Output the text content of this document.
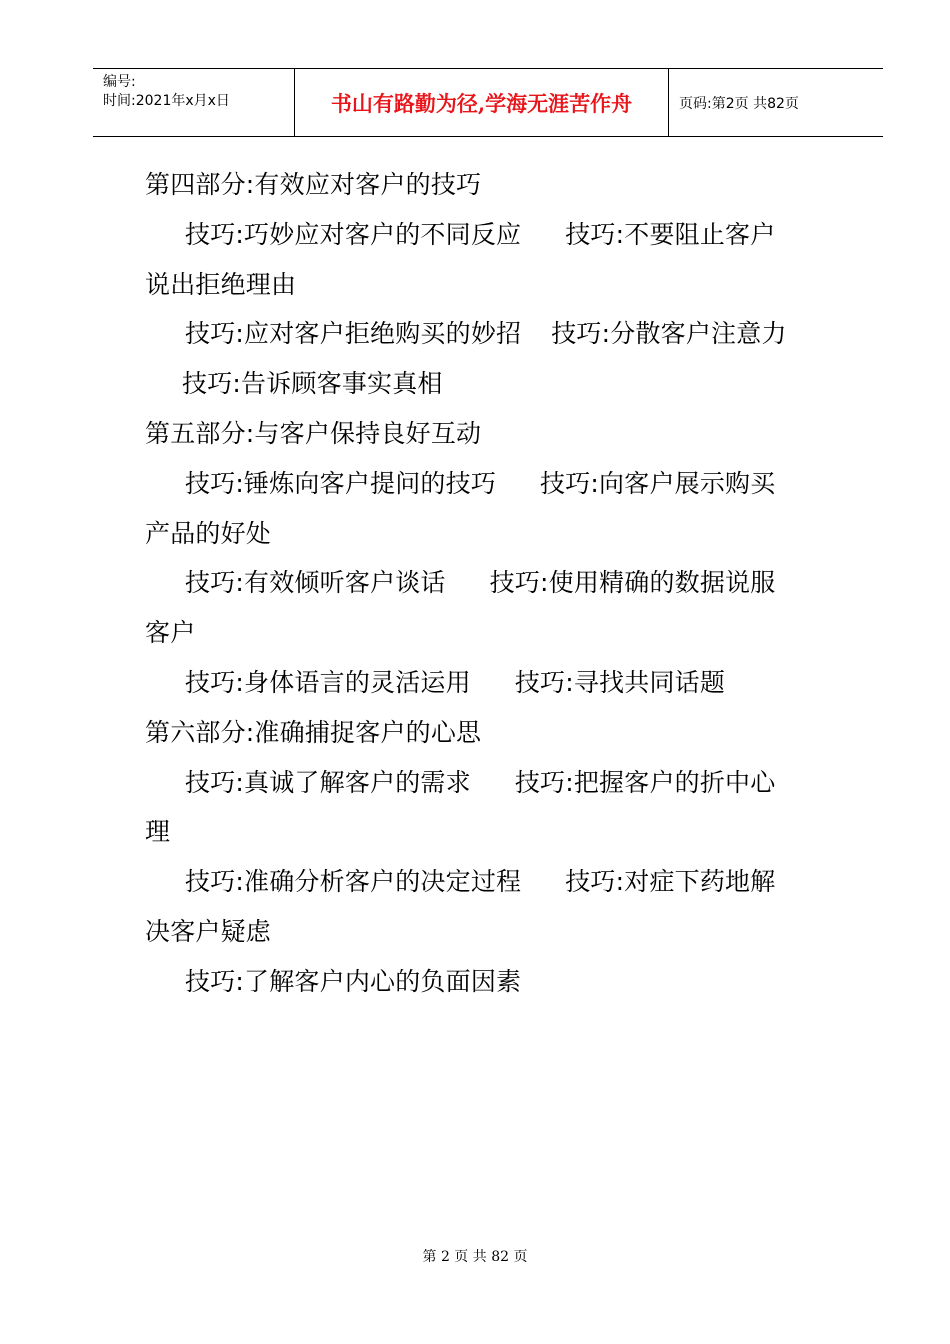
编号:
时间:2021年x月x日	书山有路勤为径,学海无涯苦作舟	页码:第2页 共82页
第四部分:有效应对客户的技巧
技巧:巧妙应对客户的不同反应 技巧:不要阻止客户
说出拒绝理由
技巧:应对客户拒绝购买的妙招 技巧:分散客户注意力
技巧:告诉顾客事实真相
第五部分:与客户保持良好互动
技巧:锤炼向客户提问的技巧 技巧:向客户展示购买
产品的好处
技巧:有效倾听客户谈话 技巧:使用精确的数据说服
客户
技巧:身体语言的灵活运用 技巧:寻找共同话题
第六部分:准确捕捉客户的心思
技巧:真诚了解客户的需求 技巧:把握客户的折中心
理
技巧:准确分析客户的决定过程 技巧:对症下药地解
决客户疑虑
技巧:了解客户内心的负面因素
第 2 页 共 82 页
